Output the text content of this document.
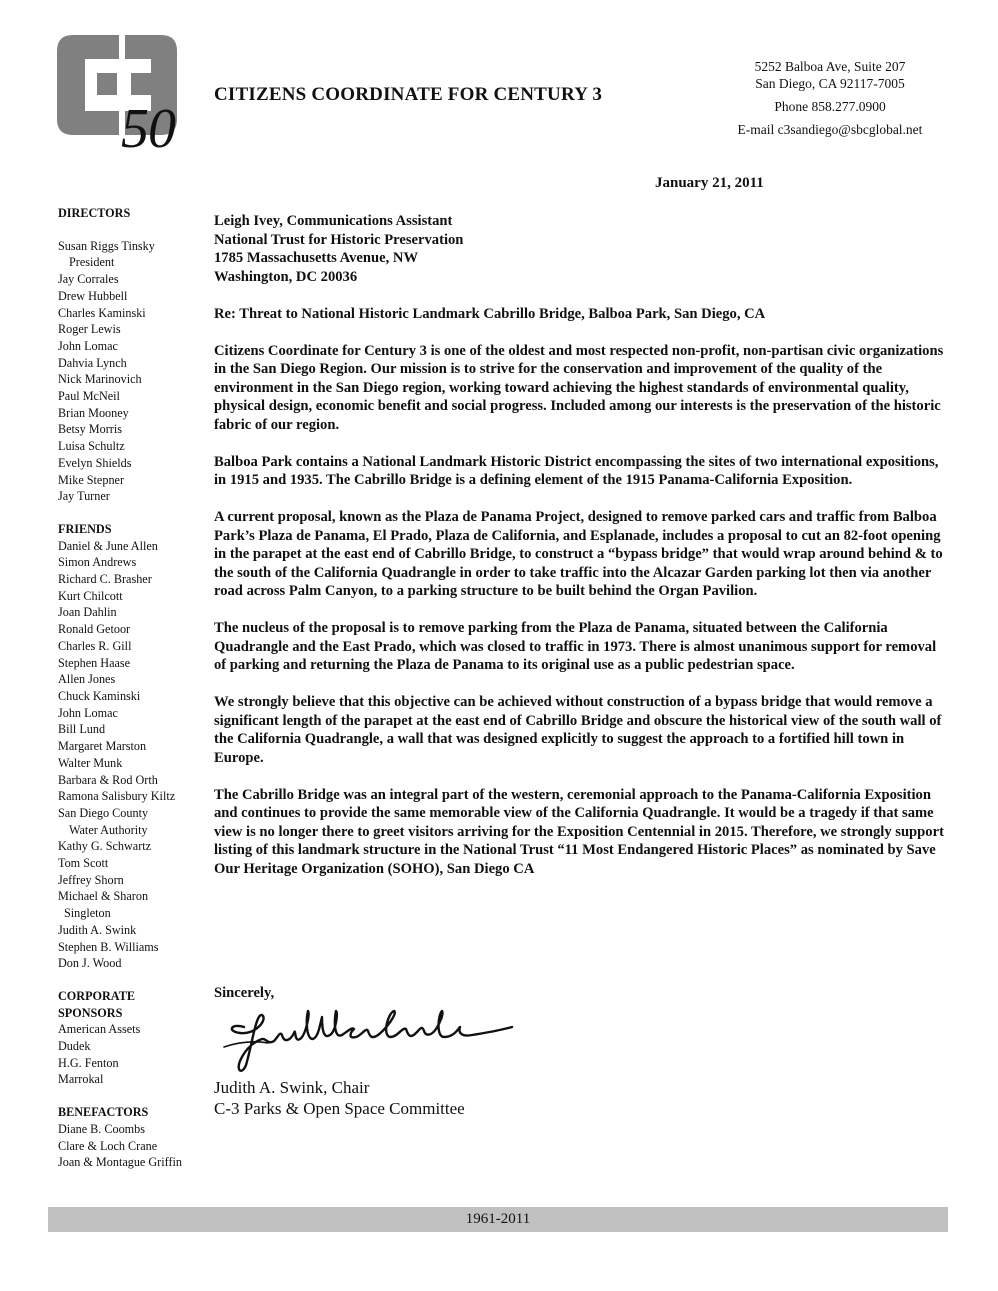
50
CITIZENS COORDINATE FOR CENTURY 3
5252 Balboa Ave, Suite 207
San Diego, CA 92117-7005
Phone 858.277.0900
E-mail c3sandiego@sbcglobal.net
January 21, 2011
DIRECTORS
Susan Riggs Tinsky
President
Jay Corrales
Drew Hubbell
Charles Kaminski
Roger Lewis
John Lomac
Dahvia Lynch
Nick Marinovich
Paul McNeil
Brian Mooney
Betsy Morris
Luisa Schultz
Evelyn Shields
Mike Stepner
Jay Turner
FRIENDS
Daniel & June Allen
Simon Andrews
Richard C. Brasher
Kurt Chilcott
Joan Dahlin
Ronald Getoor
Charles R. Gill
Stephen Haase
Allen Jones
Chuck Kaminski
John Lomac
Bill Lund
Margaret Marston
Walter Munk
Barbara & Rod Orth
Ramona Salisbury Kiltz
San Diego County
Water Authority
Kathy G. Schwartz
Tom Scott
Jeffrey Shorn
Michael & Sharon
Singleton
Judith A. Swink
Stephen B. Williams
Don J. Wood
CORPORATE
SPONSORS
American Assets
Dudek
H.G. Fenton
Marrokal
BENEFACTORS
Diane B. Coombs
Clare & Loch Crane
Joan & Montague Griffin
Leigh Ivey, Communications Assistant
National Trust for Historic Preservation
1785 Massachusetts Avenue, NW
Washington, DC 20036
Re: Threat to National Historic Landmark Cabrillo Bridge, Balboa Park, San Diego, CA

Citizens Coordinate for Century 3 is one of the oldest and most respected non-profit, non-partisan civic organizations in the San Diego Region. Our mission is to strive for the conservation and improvement of the quality of the environment in the San Diego region, working toward achieving the highest standards of environmental quality, physical design, economic benefit and social progress. Included among our interests is the preservation of the historic fabric of our region.

Balboa Park contains a National Landmark Historic District encompassing the sites of two international expositions, in 1915 and 1935. The Cabrillo Bridge is a defining element of the 1915 Panama-California Exposition.

A current proposal, known as the Plaza de Panama Project, designed to remove parked cars and traffic from Balboa Park’s Plaza de Panama, El Prado, Plaza de California, and Esplanade, includes a proposal to cut an 82-foot opening in the parapet at the east end of Cabrillo Bridge, to construct a “bypass bridge” that would wrap around behind & to the south of the California Quadrangle in order to take traffic into the Alcazar Garden parking lot then via another road across Palm Canyon, to a parking structure to be built behind the Organ Pavilion.

The nucleus of the proposal is to remove parking from the Plaza de Panama, situated between the California Quadrangle and the East Prado, which was closed to traffic in 1973. There is almost unanimous support for removal of parking and returning the Plaza de Panama to its original use as a public pedestrian space.

We strongly believe that this objective can be achieved without construction of a bypass bridge that would remove a significant length of the parapet at the east end of Cabrillo Bridge and obscure the historical view of the south wall of the California Quadrangle, a wall that was designed explicitly to suggest the approach to a fortified hill town in Europe.

The Cabrillo Bridge was an integral part of the western, ceremonial approach to the Panama-California Exposition and continues to provide the same memorable view of the California Quadrangle. It would be a tragedy if that same view is no longer there to greet visitors arriving for the Exposition Centennial in 2015. Therefore, we strongly support listing of this landmark structure in the National Trust “11 Most Endangered Historic Places” as nominated by Save Our Heritage Organization (SOHO), San Diego CA

Sincerely,
Judith A. Swink, Chair
C-3 Parks & Open Space Committee
1961-2011
